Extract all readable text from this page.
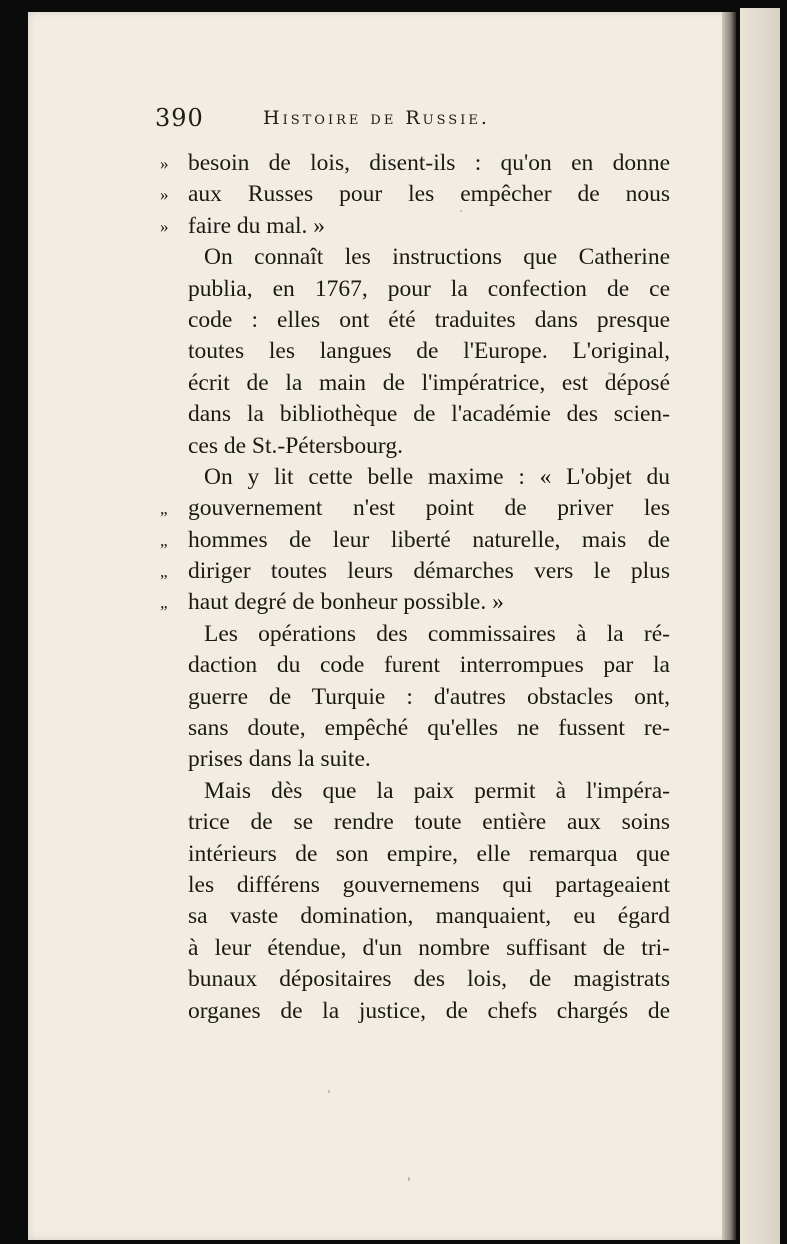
390	Histoire de Russie.
» besoin de lois, disent-ils : qu'on en donne
» aux Russes pour les empêcher de nous
» faire du mal. »
On connaît les instructions que Catherine
publia, en 1767, pour la confection de ce
code : elles ont été traduites dans presque
toutes les langues de l'Europe. L'original,
écrit de la main de l'impératrice, est déposé
dans la bibliothèque de l'académie des scien-
ces de St.-Pétersbourg.
On y lit cette belle maxime : « L'objet du
„ gouvernement n'est point de priver les
„ hommes de leur liberté naturelle, mais de
„ diriger toutes leurs démarches vers le plus
„ haut degré de bonheur possible. »
Les opérations des commissaires à la ré-
daction du code furent interrompues par la
guerre de Turquie : d'autres obstacles ont,
sans doute, empêché qu'elles ne fussent re-
prises dans la suite.
Mais dès que la paix permit à l'impéra-
trice de se rendre toute entière aux soins
intérieurs de son empire, elle remarqua que
les différens gouvernemens qui partageaient
sa vaste domination, manquaient, eu égard
à leur étendue, d'un nombre suffisant de tri-
bunaux dépositaires des lois, de magistrats
organes de la justice, de chefs chargés de
